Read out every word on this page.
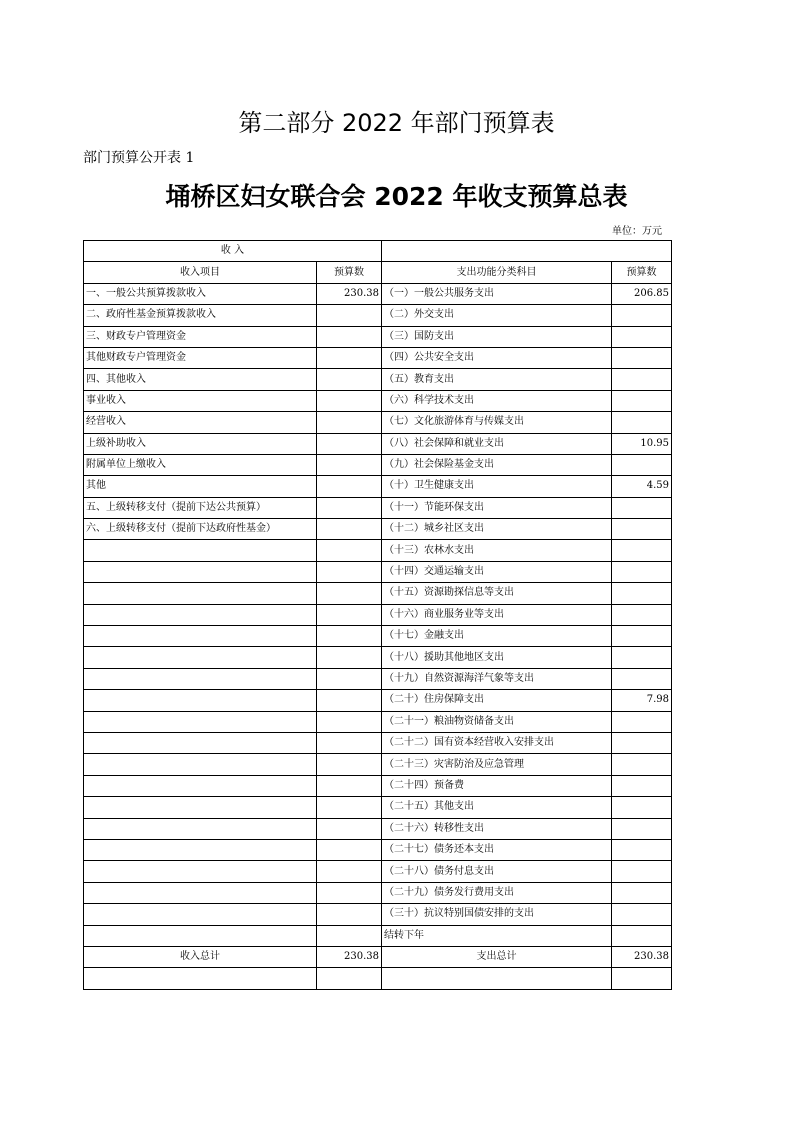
第二部分 2022 年部门预算表
部门预算公开表 1
埇桥区妇女联合会 2022 年收支预算总表
单位：万元
收 入			
收入项目	预算数	支出功能分类科目	预算数
一、一般公共预算拨款收入	230.38	（一）一般公共服务支出	206.85
二、政府性基金预算拨款收入		（二）外交支出	
三、财政专户管理资金		（三）国防支出	
其他财政专户管理资金		（四）公共安全支出	
四、其他收入		（五）教育支出	
事业收入		（六）科学技术支出	
经营收入		（七）文化旅游体育与传媒支出	
上级补助收入		（八）社会保障和就业支出	10.95
附属单位上缴收入		（九）社会保险基金支出	
其他		（十）卫生健康支出	4.59
五、上级转移支付（提前下达公共预算）		（十一）节能环保支出	
六、上级转移支付（提前下达政府性基金）		（十二）城乡社区支出	
		（十三）农林水支出	
		（十四）交通运输支出	
		（十五）资源勘探信息等支出	
		（十六）商业服务业等支出	
		（十七）金融支出	
		（十八）援助其他地区支出	
		（十九）自然资源海洋气象等支出	
		（二十）住房保障支出	7.98
		（二十一）粮油物资储备支出	
		（二十二）国有资本经营收入安排支出	
		（二十三）灾害防治及应急管理	
		（二十四）预备费	
		（二十五）其他支出	
		（二十六）转移性支出	
		（二十七）债务还本支出	
		（二十八）债务付息支出	
		（二十九）债务发行费用支出	
		（三十）抗议特别国债安排的支出	
		结转下年	
收入总计	230.38	支出总计	230.38
